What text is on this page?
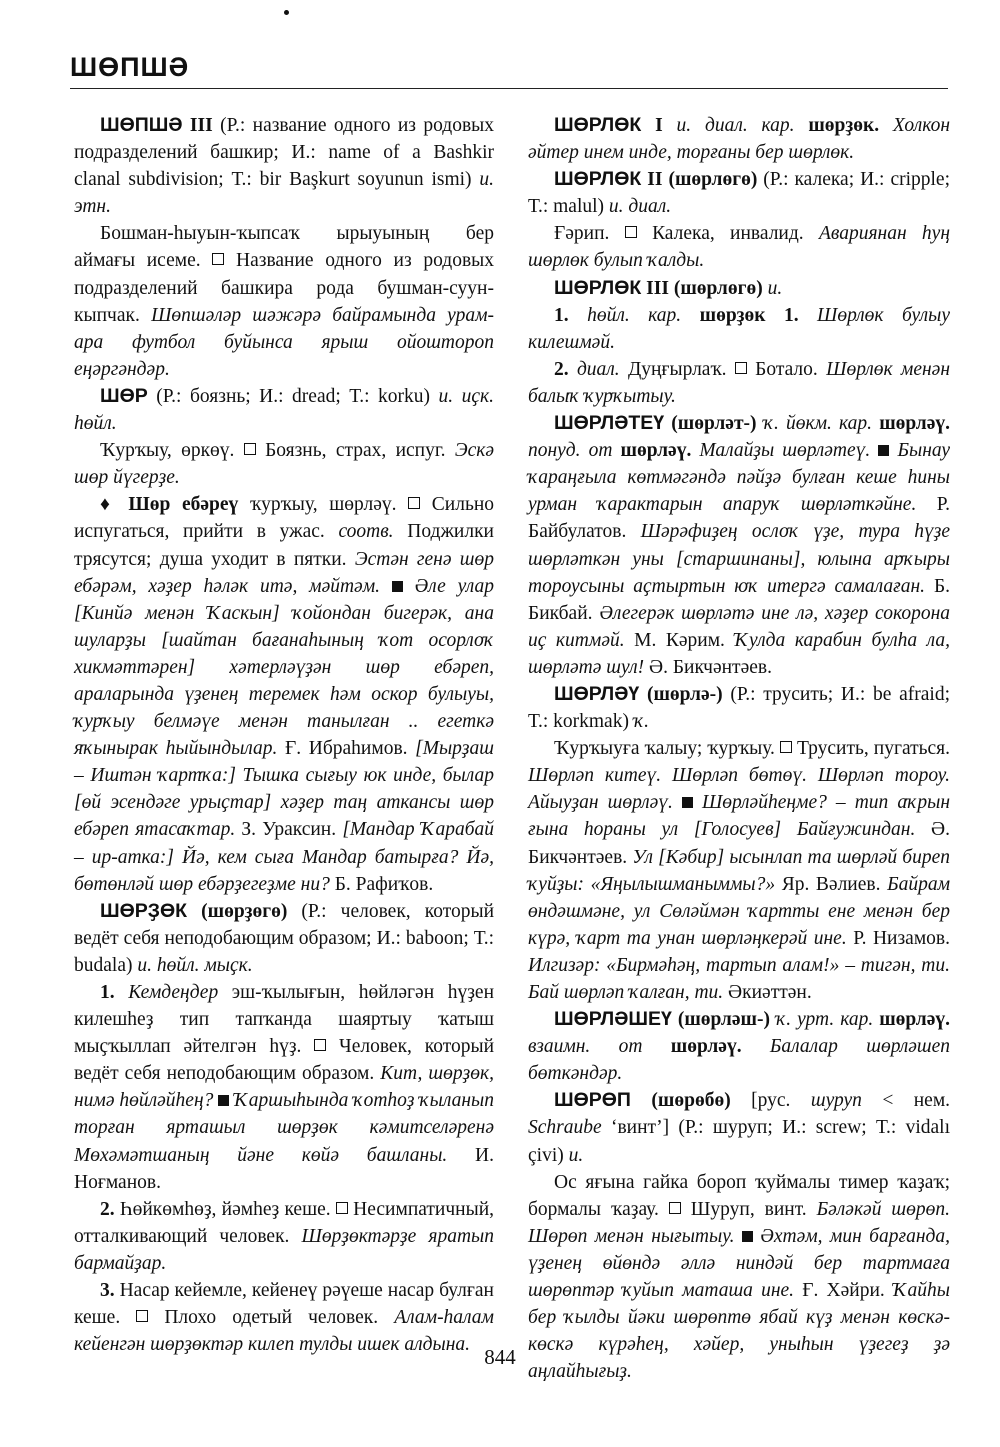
ШӨПШӘ

ШӨПШӘ III (Р.: название одного из родовых подразделений башкир; И.: name of a Bashkir clanal subdivision; Т.: bir Başkurt soyunun ismi) и. этн.

Бошман-һыуын-ҡыпсаҡ ырыуының бер аймағы исеме. Название одного из родовых подразделений башкира рода бушман-суун-кыпчак. Шөпшәләр шәжәрә байрамында урам-ара футбол буйынса ярыш ойоштороп еңәргәндәр.

ШӨР (Р.: боязнь; И.: dread; Т.: korku) и. иҫк. һөйл.

Ҡурҡыу, өркөү. Боязнь, страх, испуг. Эскә шөр йүгерҙе.

♦ Шөр ебәреү ҡурҡыу, шөрләү. Сильно испугаться, прийти в ужас. соотв. Поджилки трясутся; душа уходит в пятки. Эстән генә шөр ебәрәм, хәҙер һәләк итә, мәйтәм. Әле улар [Кинйә менән Ҡаскын] ҡойондан бигерәк, ана шуларҙы [шайтан бағанаһының ҡот осорлоҡ хикмәттәрен] хәтерләүҙән шөр ебәреп, араларында үҙенең теремек һәм оскор булыуы, ҡурҡыу белмәүе менән танылған .. егеткә яҡынырак һыйындылар. Ғ. Ибраһимов. [Мырҙаш – Иштән ҡартҡа:] Тышка сығыу юк инде, былар [өй эсендәге урыҫтар] хәҙер таң атканcы шөр ебәреп ятасаҡтар. З. Ураксин. [Мандар Ҡарабай – ир-атка:] Йә, кем сыға Мандар батырға? Йә, бөтөнләй шөр ебәрҙегеҙме ни? Б. Рафиҡов.

ШӨРҘӨК (шөрҙөгө) (Р.: человек, который ведёт себя неподобающим образом; И.: baboon; Т.: budala) и. һөйл. мыҫк.

1. Кемдеңдер эш-ҡылығын, һөйләгән һүҙен килешһеҙ тип тапҡанда шаяртыу ҡатыш мыҫҡыллап әйтелгән һүҙ. Человек, который ведёт себя неподобающим образом. Кит, шөрҙөк, нимә һөйләйһең? Ҡаршыһында ҡотһоҙ ҡыланып торған ярташыл шөрҙөк кәмитселәренә Мөхәмәтшаның йәне көйә башланы. И. Ноғманов.

2. Һөйкөмһөҙ, йәмһеҙ кеше. Несимпатичный, отталкивающий человек. Шөрҙөктәрҙе яратып бармайҙар.

3. Насар кейемле, кейенеү рәүеше насар булған кеше. Плохо одетый человек. Алам-һалам кейенгән шөрҙөктәр килеп тулды ишек алдына.

ШӨРЛӨК I и. диал. кар. шөрҙөк. Холкон әйтер инем инде, торғаны бер шөрлөк.

ШӨРЛӨК II (шөрлөгө) (Р.: калека; И.: cripple; Т.: malul) и. диал.

Ғәрип. Калека, инвалид. Авариянан һуң шөрлөк булып ҡалды.

ШӨРЛӨК III (шөрлөгө) и.

1. һөйл. кар. шөрҙөк 1. Шөрлөк булыу килешмәй.

2. диал. Дуңғырлаҡ. Ботало. Шөрлөк менән балыҡ ҡурҡытыу.

ШӨРЛӘТЕҮ (шөрләт-) ҡ. йөкм. кар. шөрләү. понуд. от шөрләү. Малайҙы шөрләтеү. Бынау ҡараңғыла көтмәгәндә пәйҙә булған кеше һины урман ҡарактарын апаруҡ шөрләткәйне. Р. Байбулатов. Шәрәфиҙең ослоҡ үҙе, тура һүҙе шөрләткән уны [старшинаны], юлына арҡыры тороусыны аҫтыртын юҡ итергә самалаған. Б. Бикбай. Әлегерәк шөрләтә ине лә, хәҙер сокорона иҫ китмәй. М. Кәрим. Ҡулда карабин булһа ла, шөрләтә шул! Ә. Бикчәнтәев.

ШӨРЛӘҮ (шөрлә-) (Р.: трусить; И.: be afraid; Т.: korkmak) ҡ.

Ҡурҡыуға ҡалыу; ҡурҡыу. Трусить, пугаться. Шөрләп китеү. Шөрләп бөтөү. Шөрләп тороу. Айыуҙан шөрләү. Шөрләйһеңме? – тип аҡрын ғына һораны ул [Голосуев] Байғужиндан. Ә. Бикчәнтәев. Ул [Кәбир] ысынлап та шөрләй биреп ҡуйҙы: «Яңылышманыммы?» Яр. Вәлиев. Байрам өндәшмәне, ул Сөләймән ҡартты ене менән бер күрә, ҡарт та унан шөрләңкерәй ине. Р. Низамов. Илгизәр: «Бирмәһәң, тартып алам!» – тигән, ти. Бай шөрләп ҡалған, ти. Әкиәттән.

ШӨРЛӘШЕҮ (шөрләш-) ҡ. урт. кар. шөрләү. взаимн. от шөрләү. Балалар шөрләшеп бөткәндәр.

ШӨРӨП (шөрөбө) [рус. шуруп < нем. Schraube ‘винт’] (Р.: шуруп; И.: screw; Т.: vidalı çivi) и.

Ос яғына гайка бороп ҡуймалы тимер ҡаҙаҡ; бормалы ҡаҙау. Шуруп, винт. Бәләкәй шөрөп. Шөрөп менән нығытыу. Әхтәм, мин барғанда, үҙенең өйөндә әллә ниндәй бер тартмаға шөрөптәр ҡуйып маташа ине. Ғ. Хәйри. Ҡайһы бер ҡылды йәки шөрөптө ябай күҙ менән көскә-көскә күрәһең, хәйер, уныһын үҙегеҙ ҙә аңлайһығыҙ.

844
